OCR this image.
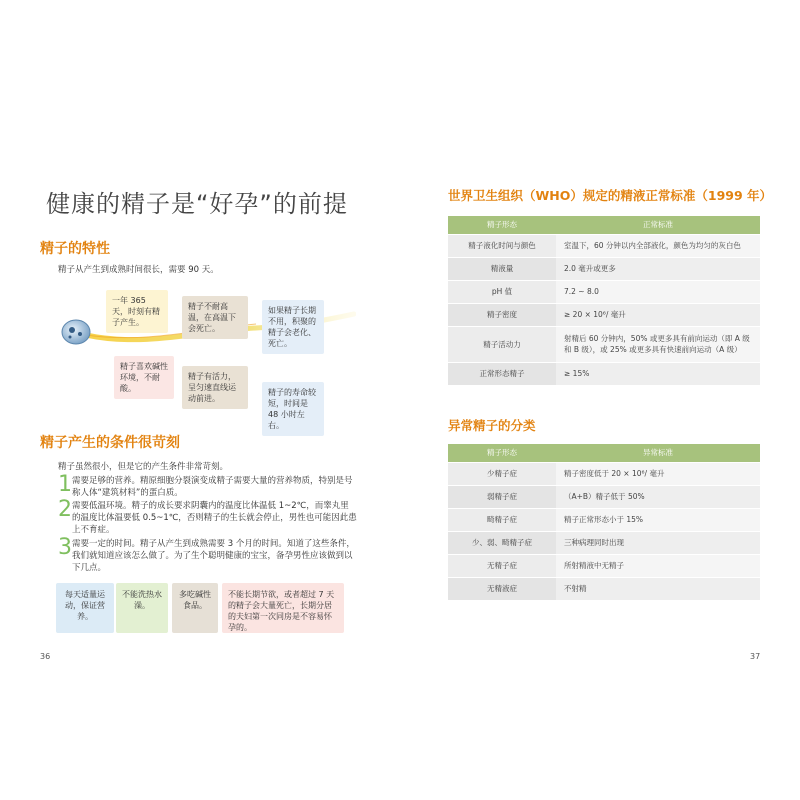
健康的精子是“好孕”的前提
精子的特性
精子从产生到成熟时间很长，需要 90 天。
一年 365 天，时刻有精子产生。
精子不耐高温，在高温下会死亡。
如果精子长期不用，积聚的精子会老化、死亡。
精子喜欢碱性环境，不耐酸。
精子有活力，呈匀速直线运动前进。
精子的寿命较短，时间是 48 小时左右。
精子产生的条件很苛刻
精子虽然很小，但是它的产生条件非常苛刻。
1 需要足够的营养。精原细胞分裂演变成精子需要大量的营养物质，特别是号称人体“建筑材料”的蛋白质。
2 需要低温环境。精子的成长要求阴囊内的温度比体温低 1~2℃，而睾丸里的温度比体温要低 0.5~1℃，否则精子的生长就会停止，男性也可能因此患上不育症。
3 需要一定的时间。精子从产生到成熟需要 3 个月的时间。知道了这些条件，我们就知道应该怎么做了。为了生个聪明健康的宝宝，备孕男性应该做到以下几点。
每天适量运动，保证营养。
不能洗热水澡。
多吃碱性食品。
不能长期节欲，或者超过 7 天的精子会大量死亡，长期分居的夫妇第一次同房是不容易怀孕的。
36
世界卫生组织（WHO）规定的精液正常标准（1999 年）
精子形态	正常标准
精子液化时间与颜色	室温下，60 分钟以内全部液化，颜色为均匀的灰白色
精液量	2.0 毫升或更多
pH 值	7.2 ~ 8.0
精子密度	≥ 20 × 10⁶/ 毫升
精子活动力	射精后 60 分钟内，50% 或更多具有前向运动（即 A 级和 B 级），或 25% 或更多具有快速前向运动（A 级）
正常形态精子	≥ 15%
异常精子的分类
精子形态	异常标准
少精子症	精子密度低于 20 × 10⁶/ 毫升
弱精子症	（A+B）精子低于 50%
畸精子症	精子正常形态小于 15%
少、弱、畸精子症	三种病理同时出现
无精子症	所射精液中无精子
无精液症	不射精
37
